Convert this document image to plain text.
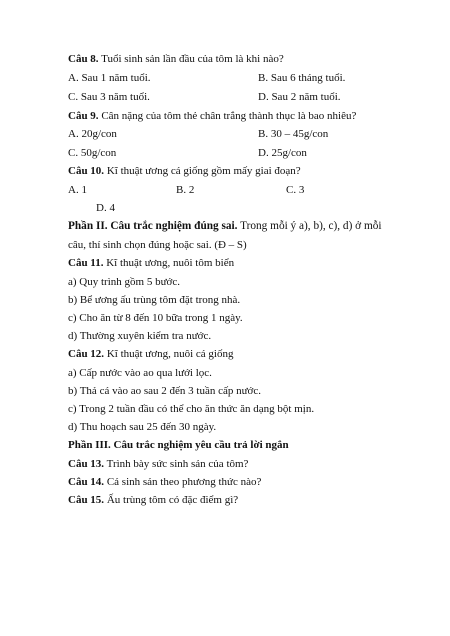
Câu 8. Tuổi sinh sản lần đầu của tôm là khi nào?
A. Sau 1 năm tuổi.	B. Sau 6 tháng tuổi.
C. Sau 3 năm tuổi.	D. Sau 2 năm tuổi.
Câu 9. Cân nặng của tôm thẻ chân trắng thành thục là bao nhiêu?
A. 20g/con	B. 30 – 45g/con
C. 50g/con	D. 25g/con
Câu 10. Kĩ thuật ương cá giống gồm mấy giai đoạn?
A. 1	B. 2	C. 3
D. 4
Phần II. Câu trắc nghiệm đúng sai. Trong mỗi ý a), b), c), d) ở mỗi
câu, thí sinh chọn đúng hoặc sai. (Đ – S)
Câu 11. Kĩ thuật ương, nuôi tôm biển
a) Quy trình gồm 5 bước.
b) Bể ương ấu trùng tôm đặt trong nhà.
c) Cho ăn từ 8 đến 10 bữa trong 1 ngày.
d) Thường xuyên kiểm tra nước.
Câu 12. Kĩ thuật ương, nuôi cá giống
a) Cấp nước vào ao qua lưới lọc.
b) Thả cá vào ao sau 2 đến 3 tuần cấp nước.
c) Trong 2 tuần đầu có thể cho ăn thức ăn dạng bột mịn.
d) Thu hoạch sau 25 đến 30 ngày.
Phần III. Câu trắc nghiệm yêu cầu trả lời ngắn
Câu 13. Trình bày sức sinh sản của tôm?
Câu 14. Cá sinh sản theo phương thức nào?
Câu 15. Ấu trùng tôm có đặc điểm gì?
